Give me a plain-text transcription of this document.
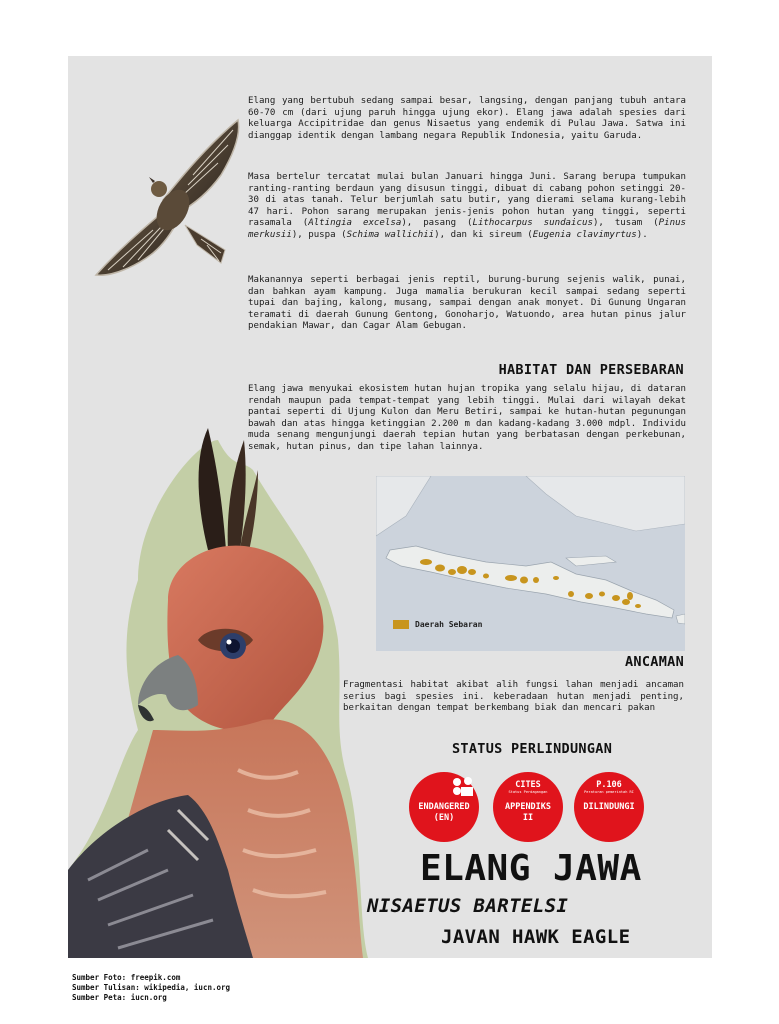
Elang yang bertubuh sedang sampai besar, langsing, dengan panjang tubuh antara 60-70 cm (dari ujung paruh hingga ujung ekor). Elang jawa adalah spesies dari keluarga Accipitridae dan genus Nisaetus yang endemik di Pulau Jawa. Satwa ini dianggap identik dengan lambang negara Republik Indonesia, yaitu Garuda.

Masa bertelur tercatat mulai bulan Januari hingga Juni. Sarang berupa tumpukan ranting-ranting berdaun yang disusun tinggi, dibuat di cabang pohon setinggi 20-30 di atas tanah. Telur berjumlah satu butir, yang dierami selama kurang-lebih 47 hari. Pohon sarang merupakan jenis-jenis pohon hutan yang tinggi, seperti rasamala (Altingia excelsa), pasang (Lithocarpus sundaicus), tusam (Pinus merkusii), puspa (Schima wallichii), dan ki sireum (Eugenia clavimyrtus).

Makanannya seperti berbagai jenis reptil, burung-burung sejenis walik, punai, dan bahkan ayam kampung. Juga mamalia berukuran kecil sampai sedang seperti tupai dan bajing, kalong, musang, sampai dengan anak monyet. Di Gunung Ungaran teramati di daerah Gunung Gentong, Gonoharjo, Watuondo, area hutan pinus jalur pendakian Mawar, dan Cagar Alam Gebugan.

HABITAT DAN PERSEBARAN

Elang jawa menyukai ekosistem hutan hujan tropika yang selalu hijau, di dataran rendah maupun pada tempat-tempat yang lebih tinggi. Mulai dari wilayah dekat pantai seperti di Ujung Kulon dan Meru Betiri, sampai ke hutan-hutan pegunungan bawah dan atas hingga ketinggian 2.200 m dan kadang-kadang 3.000 mdpl. Individu muda senang mengunjungi daerah tepian hutan yang berbatasan dengan perkebunan, semak, hutan pinus, dan tipe lahan lainnya.

Daerah Sebaran
ANCAMAN

Fragmentasi habitat akibat alih fungsi lahan menjadi ancaman serius bagi spesies ini. keberadaan hutan menjadi penting, berkaitan dengan tempat berkembang biak dan mencari pakan

STATUS PERLINDUNGAN
ENDANGERED
(EN)
CITES
Status Perdagangan
APPENDIKS
II
P.106
Peraturan pemerintah RI
DILINDUNGI
ELANG JAWA
NISAETUS BARTELSI
JAVAN HAWK EAGLE
Sumber Foto: freepik.com
Sumber Tulisan: wikipedia, iucn.org
Sumber Peta: iucn.org
